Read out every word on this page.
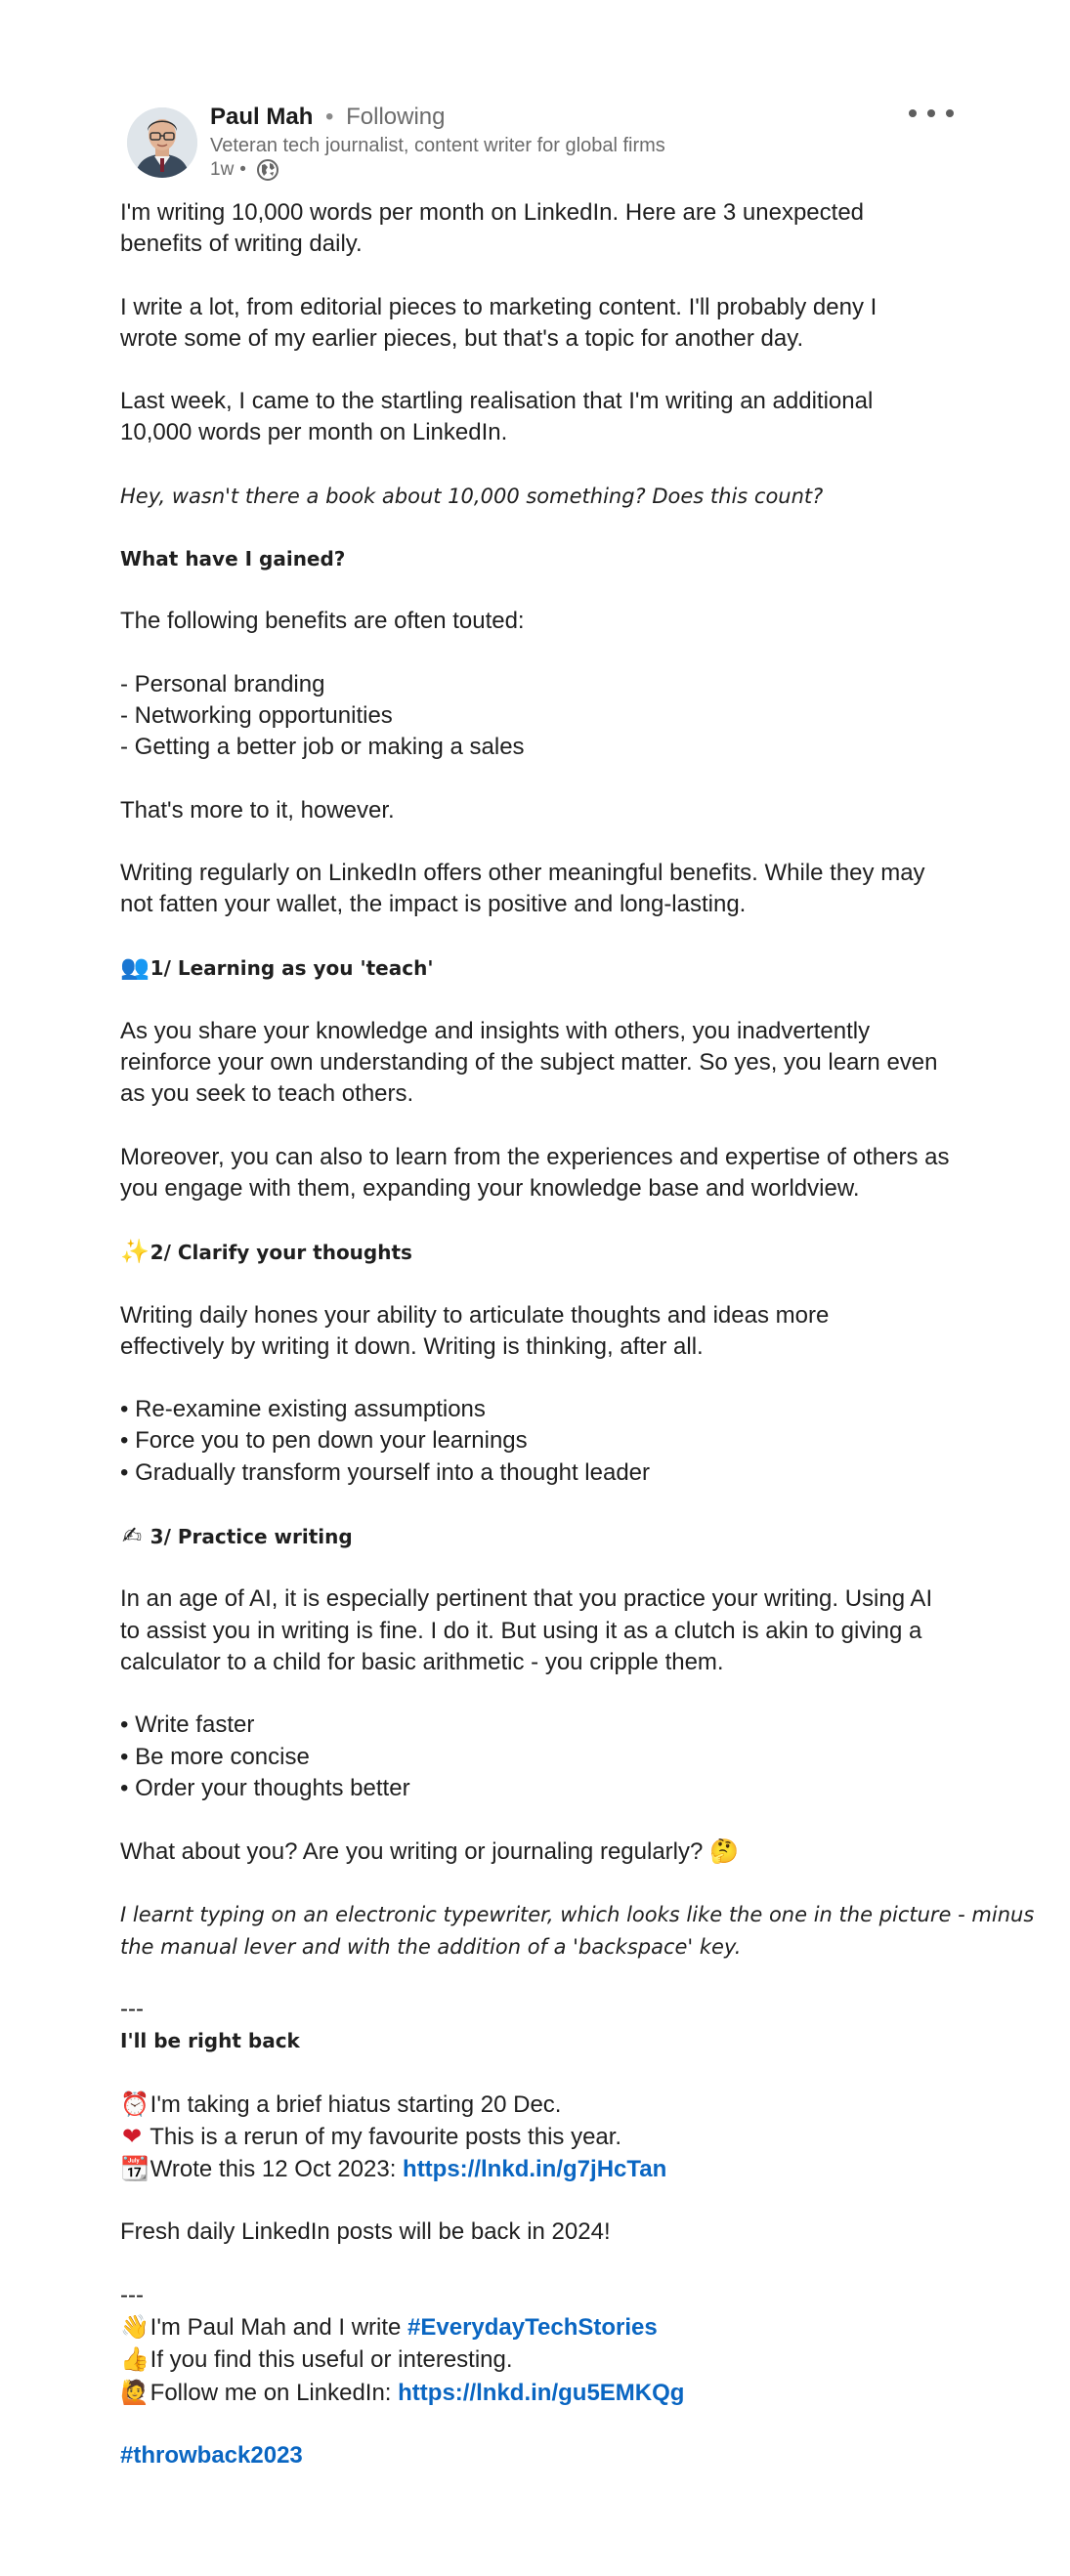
Paul Mah • Following
Veteran tech journalist, content writer for global firms
1w •

I'm writing 10,000 words per month on LinkedIn. Here are 3 unexpected
benefits of writing daily.

I write a lot, from editorial pieces to marketing content. I'll probably deny I
wrote some of my earlier pieces, but that's a topic for another day.

Last week, I came to the startling realisation that I'm writing an additional
10,000 words per month on LinkedIn.

Hey, wasn't there a book about 10,000 something? Does this count?

What have I gained?

The following benefits are often touted:

- Personal branding
- Networking opportunities
- Getting a better job or making a sales

That's more to it, however.

Writing regularly on LinkedIn offers other meaningful benefits. While they may
not fatten your wallet, the impact is positive and long-lasting.

👥 1/ Learning as you 'teach'

As you share your knowledge and insights with others, you inadvertently
reinforce your own understanding of the subject matter. So yes, you learn even
as you seek to teach others.

Moreover, you can also to learn from the experiences and expertise of others as
you engage with them, expanding your knowledge base and worldview.

✨ 2/ Clarify your thoughts

Writing daily hones your ability to articulate thoughts and ideas more
effectively by writing it down. Writing is thinking, after all.

• Re-examine existing assumptions
• Force you to pen down your learnings
• Gradually transform yourself into a thought leader

✍ 3/ Practice writing

In an age of AI, it is especially pertinent that you practice your writing. Using AI
to assist you in writing is fine. I do it. But using it as a clutch is akin to giving a
calculator to a child for basic arithmetic - you cripple them.

• Write faster
• Be more concise
• Order your thoughts better

What about you? Are you writing or journaling regularly? 🤔

I learnt typing on an electronic typewriter, which looks like the one in the picture - minus
the manual lever and with the addition of a 'backspace' key.

---

I'll be right back

⏰ I'm taking a brief hiatus starting 20 Dec.
❤ This is a rerun of my favourite posts this year.
📆 Wrote this 12 Oct 2023: https://lnkd.in/g7jHcTan

Fresh daily LinkedIn posts will be back in 2024!

---

👋 I'm Paul Mah and I write #EverydayTechStories
👍 If you find this useful or interesting.
🙋 Follow me on LinkedIn: https://lnkd.in/gu5EMKQg

#throwback2023
